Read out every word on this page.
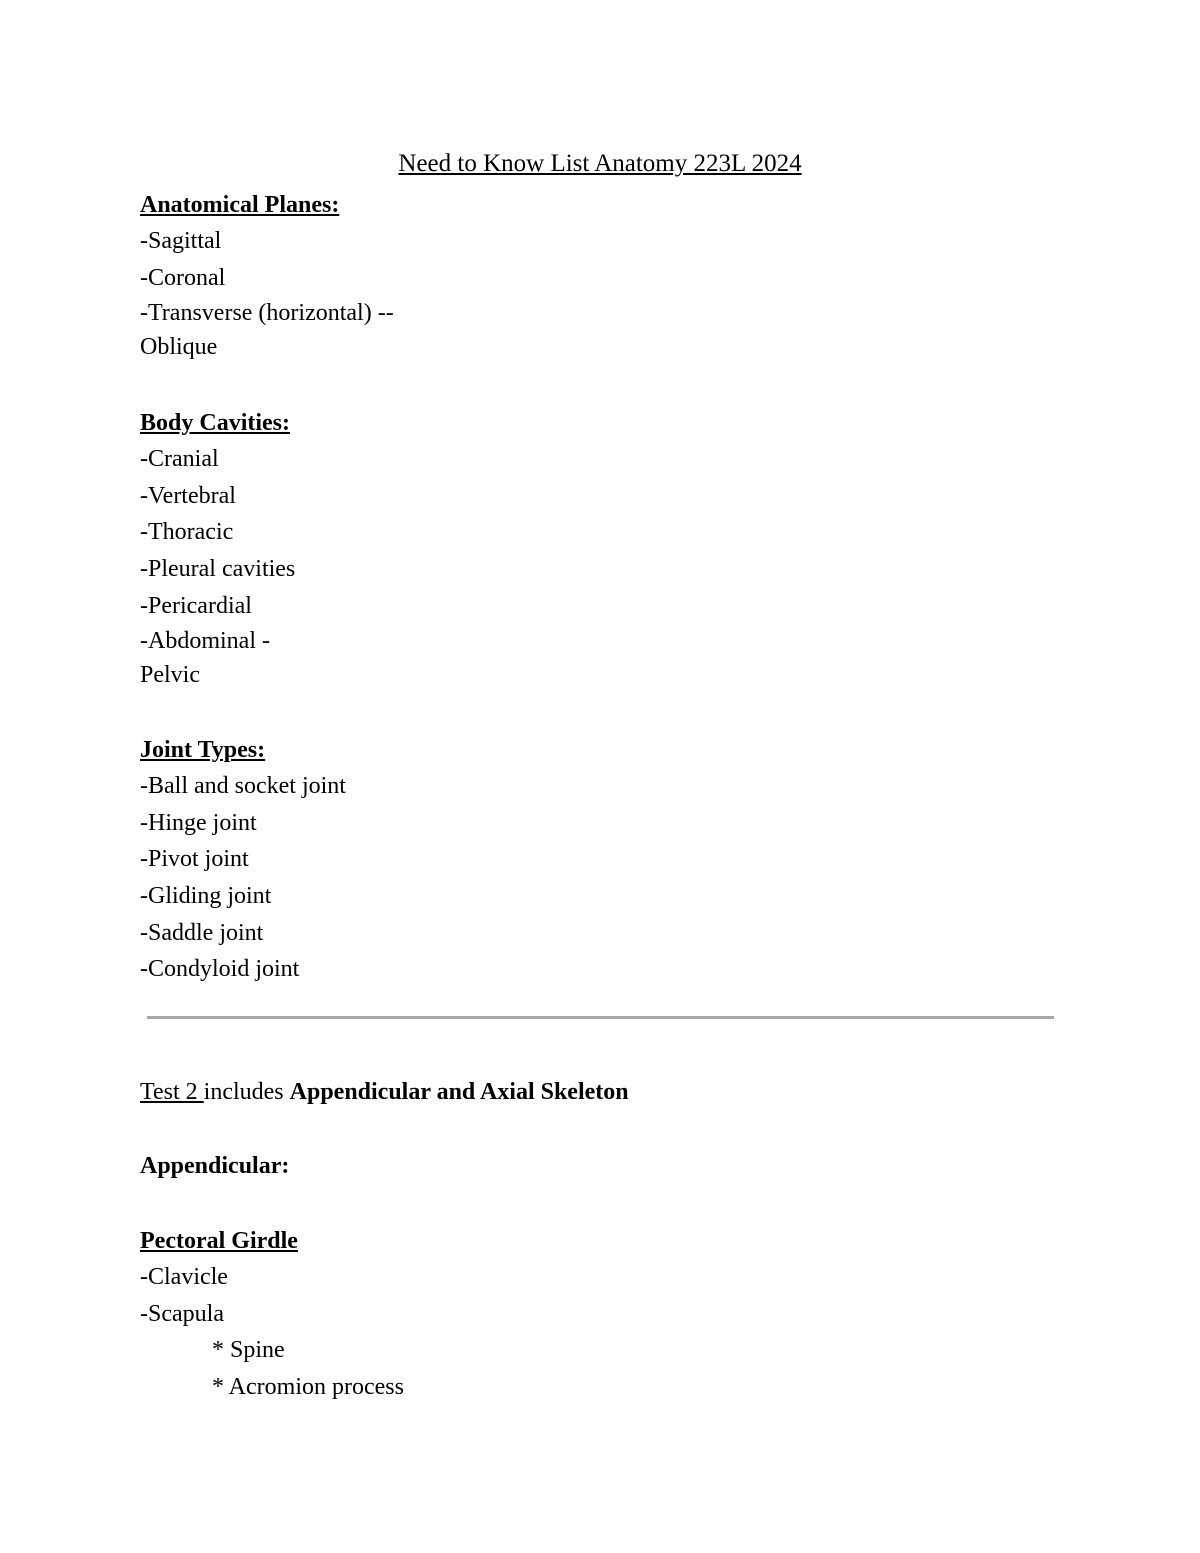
Need to Know List Anatomy 223L 2024
Anatomical Planes:
-Sagittal
-Coronal
-Transverse (horizontal) --
Oblique
Body Cavities:
-Cranial
-Vertebral
-Thoracic
-Pleural cavities
-Pericardial
-Abdominal -
Pelvic
Joint Types:
-Ball and socket joint
-Hinge joint
-Pivot joint
-Gliding joint
-Saddle joint
-Condyloid joint
Test 2 includes Appendicular and Axial Skeleton
Appendicular:
Pectoral Girdle
-Clavicle
-Scapula
* Spine
* Acromion process
